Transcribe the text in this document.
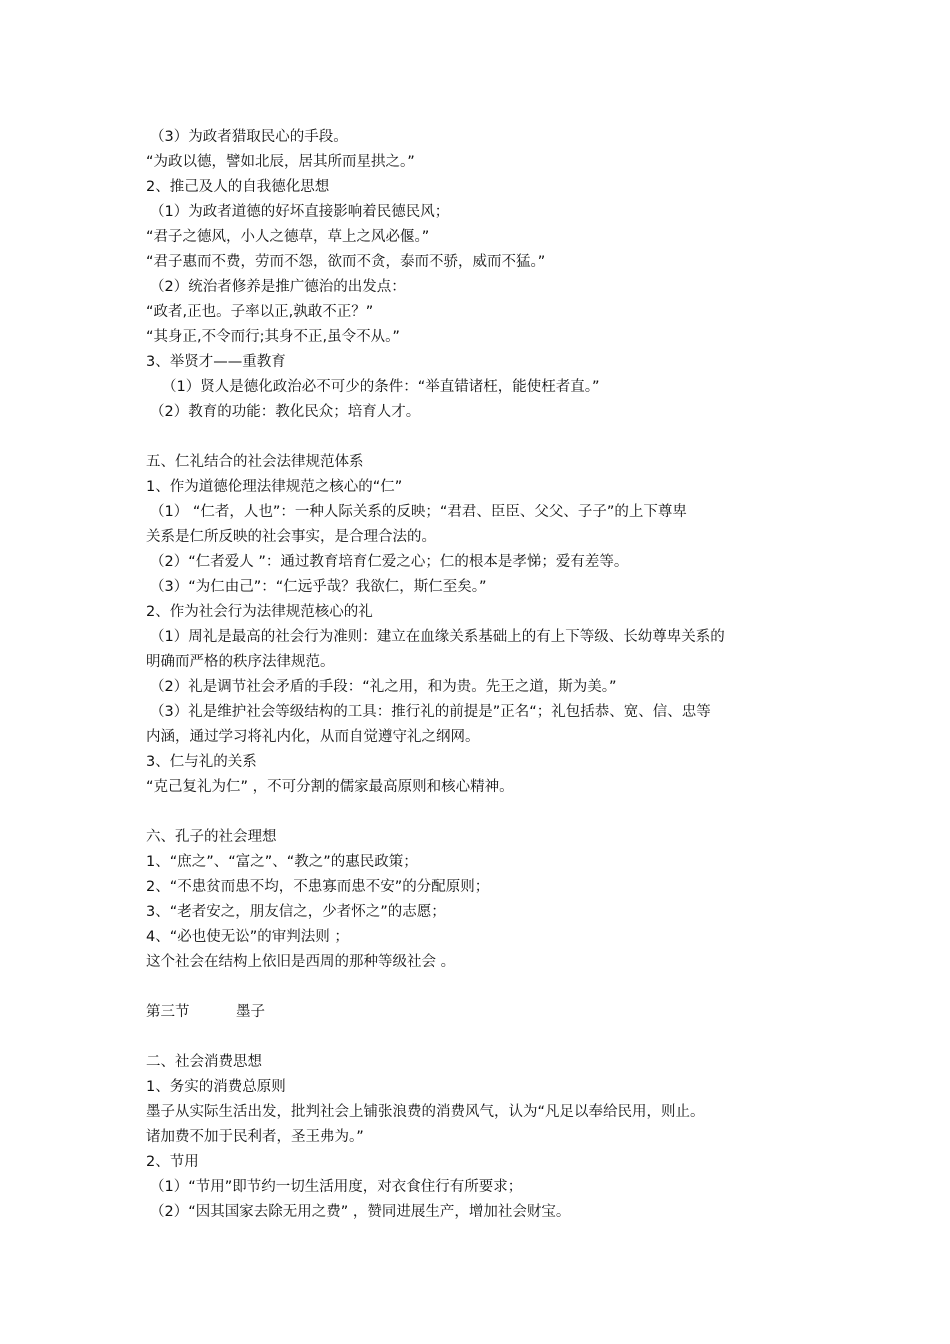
（3）为政者猎取民心的手段。
“为政以德，譬如北辰，居其所而星拱之。”
2、推己及人的自我德化思想
（1）为政者道德的好坏直接影响着民德民风；
“君子之德风，小人之德草，草上之风必偃。”
“君子惠而不费，劳而不怨，欲而不贪，泰而不骄，威而不猛。”
（2）统治者修养是推广德治的出发点：
“政者,正也。子率以正,孰敢不正？”
“其身正,不令而行;其身不正,虽令不从。”
3、举贤才——重教育
（1）贤人是德化政治必不可少的条件：“举直错诸枉，能使枉者直。”
（2）教育的功能：教化民众；培育人才。
五、仁礼结合的社会法律规范体系
1、作为道德伦理法律规范之核心的“仁”
（1） “仁者，人也”：一种人际关系的反映；“君君、臣臣、父父、子子”的上下尊卑
关系是仁所反映的社会事实，是合理合法的。
（2）“仁者爱人 ”：通过教育培育仁爱之心；仁的根本是孝悌；爱有差等。
（3）“为仁由己”：“仁远乎哉？我欲仁，斯仁至矣。”
2、作为社会行为法律规范核心的礼
（1）周礼是最高的社会行为准则：建立在血缘关系基础上的有上下等级、长幼尊卑关系的
明确而严格的秩序法律规范。
（2）礼是调节社会矛盾的手段：“礼之用，和为贵。先王之道，斯为美。”
（3）礼是维护社会等级结构的工具：推行礼的前提是”正名“；礼包括恭、宽、信、忠等
内涵，通过学习将礼内化，从而自觉遵守礼之纲网。
3、仁与礼的关系
“克己复礼为仁” ，不可分割的儒家最高原则和核心精神。
六、孔子的社会理想
1、“庶之”、“富之”、“教之”的惠民政策；
2、“不患贫而患不均，不患寡而患不安”的分配原则；
3、“老者安之，朋友信之，少者怀之”的志愿；
4、“必也使无讼”的审判法则 ；
这个社会在结构上依旧是西周的那种等级社会 。
第三节	墨子
二、社会消费思想
1、务实的消费总原则
墨子从实际生活出发，批判社会上铺张浪费的消费风气，认为“凡足以奉给民用，则止。
诸加费不加于民利者，圣王弗为。”
2、节用
（1）“节用”即节约一切生活用度，对衣食住行有所要求；
（2）“因其国家去除无用之费” ，赞同进展生产，增加社会财宝。
